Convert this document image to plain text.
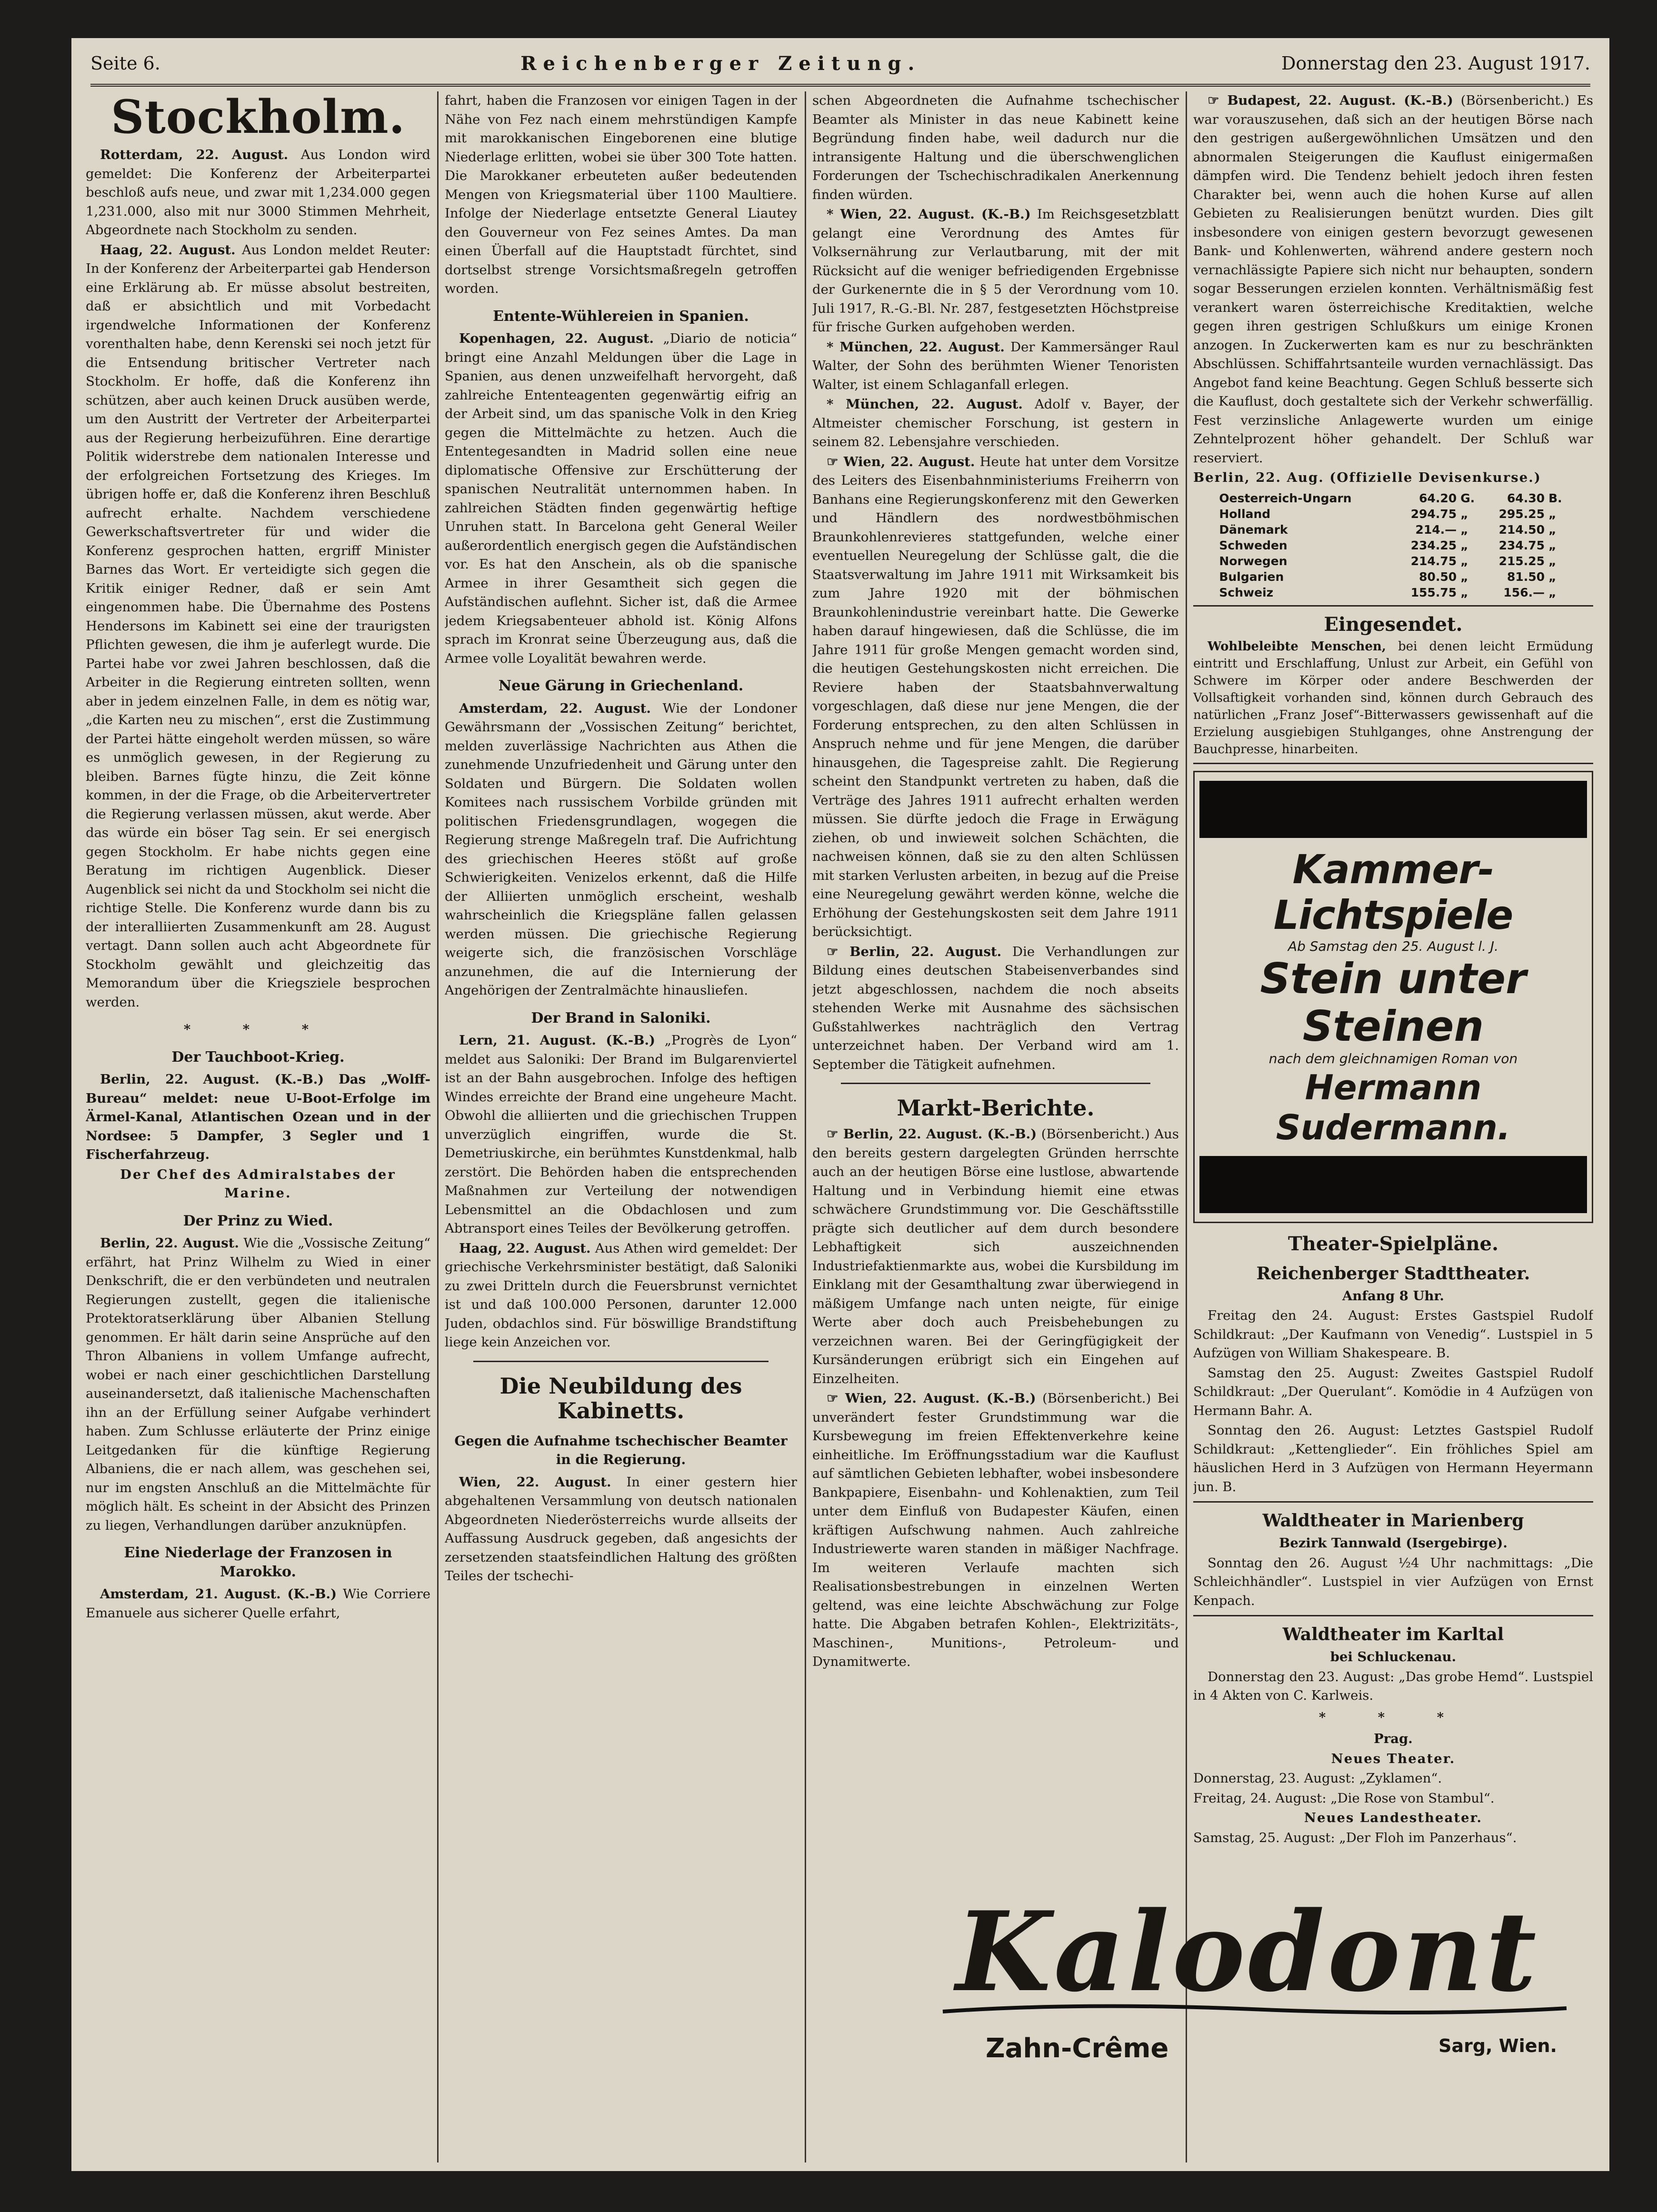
Seite 6.	Reichenberger Zeitung.	Donnerstag den 23. August 1917.
Stockholm.

Rotterdam, 22. August. Aus London wird gemeldet: Die Konferenz der Arbeiterpartei beschloß aufs neue, und zwar mit 1,234.000 gegen 1,231.000, also mit nur 3000 Stimmen Mehrheit, Abgeordnete nach Stockholm zu senden.

Haag, 22. August. Aus London meldet Reuter: In der Konferenz der Arbeiterpartei gab Henderson eine Erklärung ab. Er müsse absolut bestreiten, daß er absichtlich und mit Vorbedacht irgendwelche Informationen der Konferenz vorenthalten habe, denn Kerenski sei noch jetzt für die Entsendung britischer Vertreter nach Stockholm. Er hoffe, daß die Konferenz ihn schützen, aber auch keinen Druck ausüben werde, um den Austritt der Vertreter der Arbeiterpartei aus der Regierung herbeizuführen. Eine derartige Politik widerstrebe dem nationalen Interesse und der erfolgreichen Fortsetzung des Krieges. Im übrigen hoffe er, daß die Konferenz ihren Beschluß aufrecht erhalte. Nachdem verschiedene Gewerkschaftsvertreter für und wider die Konferenz gesprochen hatten, ergriff Minister Barnes das Wort. Er verteidigte sich gegen die Kritik einiger Redner, daß er sein Amt eingenommen habe. Die Übernahme des Postens Hendersons im Kabinett sei eine der traurigsten Pflichten gewesen, die ihm je auferlegt wurde. Die Partei habe vor zwei Jahren beschlossen, daß die Arbeiter in die Regierung eintreten sollten, wenn aber in jedem einzelnen Falle, in dem es nötig war, „die Karten neu zu mischen“, erst die Zustimmung der Partei hätte eingeholt werden müssen, so wäre es unmöglich gewesen, in der Regierung zu bleiben. Barnes fügte hinzu, die Zeit könne kommen, in der die Frage, ob die Arbeitervertreter die Regierung verlassen müssen, akut werde. Aber das würde ein böser Tag sein. Er sei energisch gegen Stockholm. Er habe nichts gegen eine Beratung im richtigen Augenblick. Dieser Augenblick sei nicht da und Stockholm sei nicht die richtige Stelle. Die Konferenz wurde dann bis zu der interalliierten Zusammenkunft am 28. August vertagt. Dann sollen auch acht Abgeordnete für Stockholm gewählt und gleichzeitig das Memorandum über die Kriegsziele besprochen werden.

* * *
Der Tauchboot-Krieg.

Berlin, 22. August. (K.-B.) Das „Wolff-Bureau“ meldet: neue U-Boot-Erfolge im Ärmel-Kanal, Atlantischen Ozean und in der Nordsee: 5 Dampfer, 3 Segler und 1 Fischerfahrzeug.

Der Chef des Admiralstabes der Marine.

Der Prinz zu Wied.

Berlin, 22. August. Wie die „Vossische Zeitung“ erfährt, hat Prinz Wilhelm zu Wied in einer Denkschrift, die er den verbündeten und neutralen Regierungen zustellt, gegen die italienische Protektoratserklärung über Albanien Stellung genommen. Er hält darin seine Ansprüche auf den Thron Albaniens in vollem Umfange aufrecht, wobei er nach einer geschichtlichen Darstellung auseinandersetzt, daß italienische Machenschaften ihn an der Erfüllung seiner Aufgabe verhindert haben. Zum Schlusse erläuterte der Prinz einige Leitgedanken für die künftige Regierung Albaniens, die er nach allem, was geschehen sei, nur im engsten Anschluß an die Mittelmächte für möglich hält. Es scheint in der Absicht des Prinzen zu liegen, Verhandlungen darüber anzuknüpfen.

Eine Niederlage der Franzosen in Marokko.

Amsterdam, 21. August. (K.-B.) Wie Corriere Emanuele aus sicherer Quelle erfahrt,

fahrt, haben die Franzosen vor einigen Tagen in der Nähe von Fez nach einem mehrstündigen Kampfe mit marokkanischen Eingeborenen eine blutige Niederlage erlitten, wobei sie über 300 Tote hatten. Die Marokkaner erbeuteten außer bedeutenden Mengen von Kriegsmaterial über 1100 Maultiere. Infolge der Niederlage entsetzte General Liautey den Gouverneur von Fez seines Amtes. Da man einen Überfall auf die Hauptstadt fürchtet, sind dortselbst strenge Vorsichtsmaßregeln getroffen worden.

Entente-Wühlereien in Spanien.

Kopenhagen, 22. August. „Diario de noticia“ bringt eine Anzahl Meldungen über die Lage in Spanien, aus denen unzweifelhaft hervorgeht, daß zahlreiche Ententeagenten gegenwärtig eifrig an der Arbeit sind, um das spanische Volk in den Krieg gegen die Mittelmächte zu hetzen. Auch die Ententegesandten in Madrid sollen eine neue diplomatische Offensive zur Erschütterung der spanischen Neutralität unternommen haben. In zahlreichen Städten finden gegenwärtig heftige Unruhen statt. In Barcelona geht General Weiler außerordentlich energisch gegen die Aufständischen vor. Es hat den Anschein, als ob die spanische Armee in ihrer Gesamtheit sich gegen die Aufständischen auflehnt. Sicher ist, daß die Armee jedem Kriegsabenteuer abhold ist. König Alfons sprach im Kronrat seine Überzeugung aus, daß die Armee volle Loyalität bewahren werde.

Neue Gärung in Griechenland.

Amsterdam, 22. August. Wie der Londoner Gewährsmann der „Vossischen Zeitung“ berichtet, melden zuverlässige Nachrichten aus Athen die zunehmende Unzufriedenheit und Gärung unter den Soldaten und Bürgern. Die Soldaten wollen Komitees nach russischem Vorbilde gründen mit politischen Friedensgrundlagen, wogegen die Regierung strenge Maßregeln traf. Die Aufrichtung des griechischen Heeres stößt auf große Schwierigkeiten. Venizelos erkennt, daß die Hilfe der Alliierten unmöglich erscheint, weshalb wahrscheinlich die Kriegspläne fallen gelassen werden müssen. Die griechische Regierung weigerte sich, die französischen Vorschläge anzunehmen, die auf die Internierung der Angehörigen der Zentralmächte hinausliefen.

Der Brand in Saloniki.

Lern, 21. August. (K.-B.) „Progrès de Lyon“ meldet aus Saloniki: Der Brand im Bulgarenviertel ist an der Bahn ausgebrochen. Infolge des heftigen Windes erreichte der Brand eine ungeheure Macht. Obwohl die alliierten und die griechischen Truppen unverzüglich eingriffen, wurde die St. Demetriuskirche, ein berühmtes Kunstdenkmal, halb zerstört. Die Behörden haben die entsprechenden Maßnahmen zur Verteilung der notwendigen Lebensmittel an die Obdachlosen und zum Abtransport eines Teiles der Bevölkerung getroffen.

Haag, 22. August. Aus Athen wird gemeldet: Der griechische Verkehrsminister bestätigt, daß Saloniki zu zwei Dritteln durch die Feuersbrunst vernichtet ist und daß 100.000 Personen, darunter 12.000 Juden, obdachlos sind. Für böswillige Brandstiftung liege kein Anzeichen vor.

Die Neubildung des Kabinetts.
Gegen die Aufnahme tschechischer Beamter in die Regierung.

Wien, 22. August. In einer gestern hier abgehaltenen Versammlung von deutsch nationalen Abgeordneten Niederösterreichs wurde allseits der Auffassung Ausdruck gegeben, daß angesichts der zersetzenden staatsfeindlichen Haltung des größten Teiles der tschechi-

schen Abgeordneten die Aufnahme tschechischer Beamter als Minister in das neue Kabinett keine Begründung finden habe, weil dadurch nur die intransigente Haltung und die überschwenglichen Forderungen der Tschechischradikalen Anerkennung finden würden.

* Wien, 22. August. (K.-B.) Im Reichsgesetzblatt gelangt eine Verordnung des Amtes für Volksernährung zur Verlautbarung, mit der mit Rücksicht auf die weniger befriedigenden Ergebnisse der Gurkenernte die in § 5 der Verordnung vom 10. Juli 1917, R.-G.-Bl. Nr. 287, festgesetzten Höchstpreise für frische Gurken aufgehoben werden.

* München, 22. August. Der Kammersänger Raul Walter, der Sohn des berühmten Wiener Tenoristen Walter, ist einem Schlaganfall erlegen.

* München, 22. August. Adolf v. Bayer, der Altmeister chemischer Forschung, ist gestern in seinem 82. Lebensjahre verschieden.

☞ Wien, 22. August. Heute hat unter dem Vorsitze des Leiters des Eisenbahnministeriums Freiherrn von Banhans eine Regierungskonferenz mit den Gewerken und Händlern des nordwestböhmischen Braunkohlenrevieres stattgefunden, welche einer eventuellen Neuregelung der Schlüsse galt, die die Staatsverwaltung im Jahre 1911 mit Wirksamkeit bis zum Jahre 1920 mit der böhmischen Braunkohlenindustrie vereinbart hatte. Die Gewerke haben darauf hingewiesen, daß die Schlüsse, die im Jahre 1911 für große Mengen gemacht worden sind, die heutigen Gestehungskosten nicht erreichen. Die Reviere haben der Staatsbahnverwaltung vorgeschlagen, daß diese nur jene Mengen, die der Forderung entsprechen, zu den alten Schlüssen in Anspruch nehme und für jene Mengen, die darüber hinausgehen, die Tagespreise zahlt. Die Regierung scheint den Standpunkt vertreten zu haben, daß die Verträge des Jahres 1911 aufrecht erhalten werden müssen. Sie dürfte jedoch die Frage in Erwägung ziehen, ob und inwieweit solchen Schächten, die nachweisen können, daß sie zu den alten Schlüssen mit starken Verlusten arbeiten, in bezug auf die Preise eine Neuregelung gewährt werden könne, welche die Erhöhung der Gestehungskosten seit dem Jahre 1911 berücksichtigt.

☞ Berlin, 22. August. Die Verhandlungen zur Bildung eines deutschen Stabeisenverbandes sind jetzt abgeschlossen, nachdem die noch abseits stehenden Werke mit Ausnahme des sächsischen Gußstahlwerkes nachträglich den Vertrag unterzeichnet haben. Der Verband wird am 1. September die Tätigkeit aufnehmen.

Markt-Berichte.

☞ Berlin, 22. August. (K.-B.) (Börsenbericht.) Aus den bereits gestern dargelegten Gründen herrschte auch an der heutigen Börse eine lustlose, abwartende Haltung und in Verbindung hiemit eine etwas schwächere Grundstimmung vor. Die Geschäftsstille prägte sich deutlicher auf dem durch besondere Lebhaftigkeit sich auszeichnenden Industriefaktienmarkte aus, wobei die Kursbildung im Einklang mit der Gesamthaltung zwar überwiegend in mäßigem Umfange nach unten neigte, für einige Werte aber doch auch Preisbehebungen zu verzeichnen waren. Bei der Geringfügigkeit der Kursänderungen erübrigt sich ein Eingehen auf Einzelheiten.

☞ Wien, 22. August. (K.-B.) (Börsenbericht.) Bei unverändert fester Grundstimmung war die Kursbewegung im freien Effektenverkehre keine einheitliche. Im Eröffnungsstadium war die Kauflust auf sämtlichen Gebieten lebhafter, wobei insbesondere Bankpapiere, Eisenbahn- und Kohlenaktien, zum Teil unter dem Einfluß von Budapester Käufen, einen kräftigen Aufschwung nahmen. Auch zahlreiche Industriewerte waren standen in mäßiger Nachfrage. Im weiteren Verlaufe machten sich Realisationsbestrebungen in einzelnen Werten geltend, was eine leichte Abschwächung zur Folge hatte. Die Abgaben betrafen Kohlen-, Elektrizitäts-, Maschinen-, Munitions-, Petroleum- und Dynamitwerte.

☞ Budapest, 22. August. (K.-B.) (Börsenbericht.) Es war vorauszusehen, daß sich an der heutigen Börse nach den gestrigen außergewöhnlichen Umsätzen und den abnormalen Steigerungen die Kauflust einigermaßen dämpfen wird. Die Tendenz behielt jedoch ihren festen Charakter bei, wenn auch die hohen Kurse auf allen Gebieten zu Realisierungen benützt wurden. Dies gilt insbesondere von einigen gestern bevorzugt gewesenen Bank- und Kohlenwerten, während andere gestern noch vernachlässigte Papiere sich nicht nur behaupten, sondern sogar Besserungen erzielen konnten. Verhältnismäßig fest verankert waren österreichische Kreditaktien, welche gegen ihren gestrigen Schlußkurs um einige Kronen anzogen. In Zuckerwerten kam es nur zu beschränkten Abschlüssen. Schiffahrtsanteile wurden vernachlässigt. Das Angebot fand keine Beachtung. Gegen Schluß besserte sich die Kauflust, doch gestaltete sich der Verkehr schwerfällig. Fest verzinsliche Anlagewerte wurden um einige Zehntelprozent höher gehandelt. Der Schluß war reserviert.

Berlin, 22. Aug. (Offizielle Devisenkurse.)

Oesterreich-Ungarn	64.20	G.	64.30	B.
Holland	294.75	„	295.25	„
Dänemark	214.—	„	214.50	„
Schweden	234.25	„	234.75	„
Norwegen	214.75	„	215.25	„
Bulgarien	80.50	„	81.50	„
Schweiz	155.75	„	156.—	„
Eingesendet.

Wohlbeleibte Menschen, bei denen leicht Ermüdung eintritt und Erschlaffung, Unlust zur Arbeit, ein Gefühl von Schwere im Körper oder andere Beschwerden der Vollsaftigkeit vorhanden sind, können durch Gebrauch des natürlichen „Franz Josef“-Bitterwassers gewissenhaft auf die Erzielung ausgiebigen Stuhlganges, ohne Anstrengung der Bauchpresse, hinarbeiten.

Kammer-Lichtspiele
Ab Samstag den 25. August l. J.
Stein unter Steinen
nach dem gleichnamigen Roman von
Hermann Sudermann.
Theater-Spielpläne.
Reichenberger Stadttheater.

Anfang 8 Uhr.

Freitag den 24. August: Erstes Gastspiel Rudolf Schildkraut: „Der Kaufmann von Venedig“. Lustspiel in 5 Aufzügen von William Shakespeare. B.

Samstag den 25. August: Zweites Gastspiel Rudolf Schildkraut: „Der Querulant“. Komödie in 4 Aufzügen von Hermann Bahr. A.

Sonntag den 26. August: Letztes Gastspiel Rudolf Schildkraut: „Kettenglieder“. Ein fröhliches Spiel am häuslichen Herd in 3 Aufzügen von Hermann Heyermann jun. B.

Waldtheater in Marienberg

Bezirk Tannwald (Isergebirge).

Sonntag den 26. August ½4 Uhr nachmittags: „Die Schleichhändler“. Lustspiel in vier Aufzügen von Ernst Kenpach.

Waldtheater im Karltal

bei Schluckenau.

Donnerstag den 23. August: „Das grobe Hemd“. Lustspiel in 4 Akten von C. Karlweis.

* * *

Prag.

Neues Theater.

Donnerstag, 23. August: „Zyklamen“.

Freitag, 24. August: „Die Rose von Stambul“.

Neues Landestheater.

Samstag, 25. August: „Der Floh im Panzerhaus“.

Kalodont
Zahn-Crême	Sarg, Wien.
